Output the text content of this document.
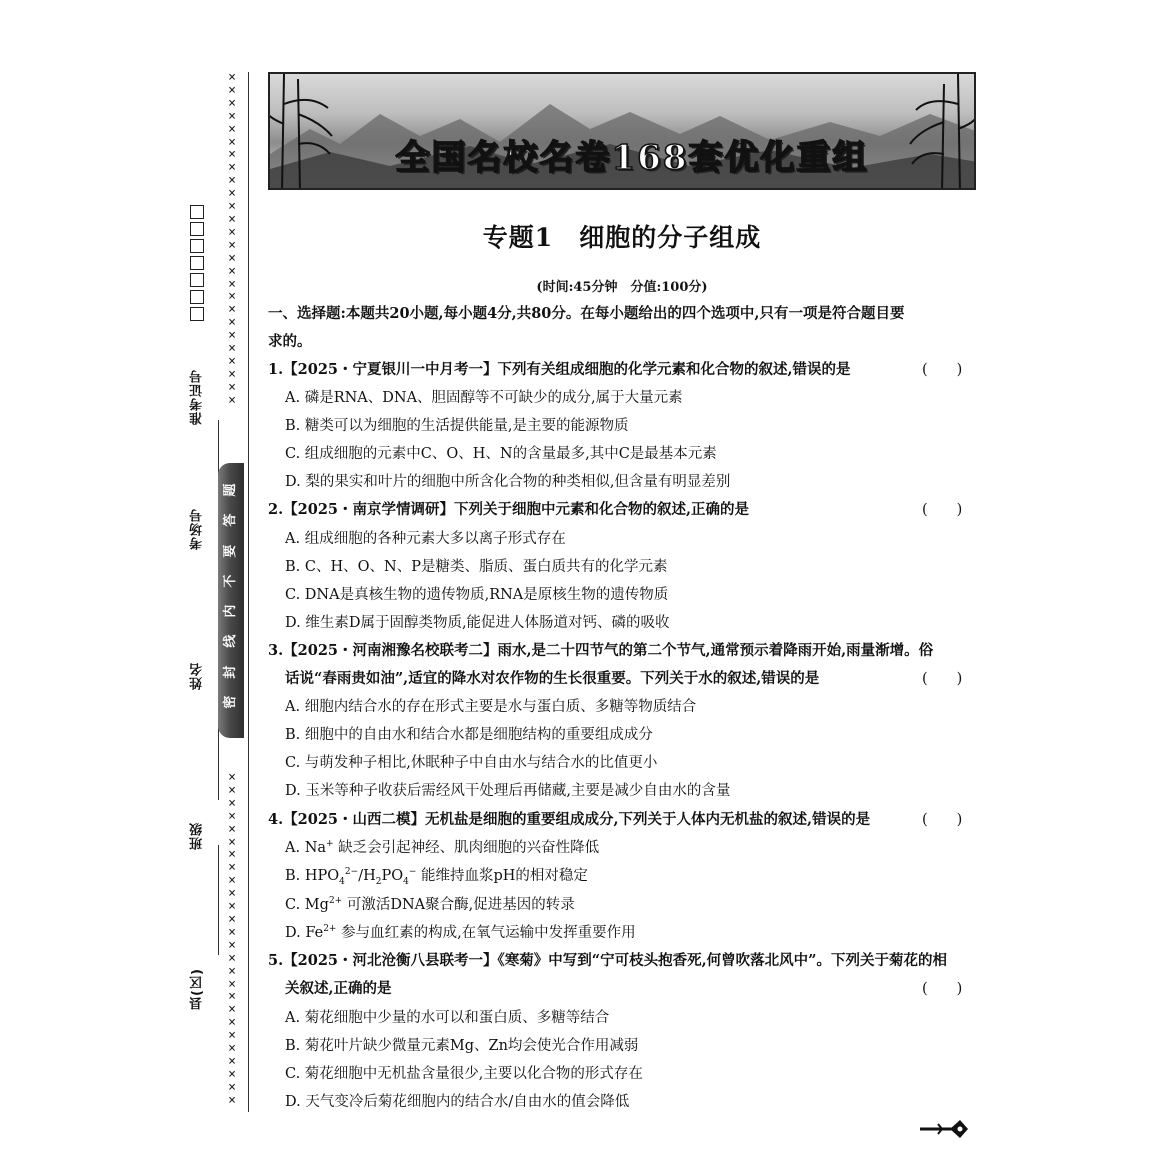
×
×
×
×
×
×
×
×
×
×
×
×
×
×
×
×
×
×
×
×
×
×
×
×
×
×
×
×
×
×
×
×
×
×
×
×
×
×
×
×
×
×
×
×
×
×
×
×
×
×
×
×
准考证号
考场号
姓名
班级
县(区)
题
答
要
不
内
线
封
密
全国名校名卷168套优化重组
专题1　细胞的分子组成
(时间:45分钟　分值:100分)
一、选择题:本题共20小题,每小题4分,共80分。在每小题给出的四个选项中,只有一项是符合题目要
求的。
1.【2025・宁夏银川一中月考一】下列有关组成细胞的化学元素和化合物的叙述,错误的是	(　　)
A. 磷是RNA、DNA、胆固醇等不可缺少的成分,属于大量元素
B. 糖类可以为细胞的生活提供能量,是主要的能源物质
C. 组成细胞的元素中C、O、H、N的含量最多,其中C是最基本元素
D. 梨的果实和叶片的细胞中所含化合物的种类相似,但含量有明显差别
2.【2025・南京学情调研】下列关于细胞中元素和化合物的叙述,正确的是	(　　)
A. 组成细胞的各种元素大多以离子形式存在
B. C、H、O、N、P是糖类、脂质、蛋白质共有的化学元素
C. DNA是真核生物的遗传物质,RNA是原核生物的遗传物质
D. 维生素D属于固醇类物质,能促进人体肠道对钙、磷的吸收
3.【2025・河南湘豫名校联考二】雨水,是二十四节气的第二个节气,通常预示着降雨开始,雨量渐增。俗
话说“春雨贵如油”,适宜的降水对农作物的生长很重要。下列关于水的叙述,错误的是	(　　)
A. 细胞内结合水的存在形式主要是水与蛋白质、多糖等物质结合
B. 细胞中的自由水和结合水都是细胞结构的重要组成成分
C. 与萌发种子相比,休眠种子中自由水与结合水的比值更小
D. 玉米等种子收获后需经风干处理后再储藏,主要是减少自由水的含量
4.【2025・山西二模】无机盐是细胞的重要组成成分,下列关于人体内无机盐的叙述,错误的是	(　　)
A. Na+ 缺乏会引起神经、肌肉细胞的兴奋性降低
B. $HPO_4^{2-}/H_2PO_4^-$ 能维持血浆pH的相对稳定
C. $Mg^{2+}$ 可激活DNA聚合酶,促进基因的转录
D. $Fe^{2+}$ 参与血红素的构成,在氧气运输中发挥重要作用
5.【2025・河北沧衡八县联考一】《寒菊》中写到“宁可枝头抱香死,何曾吹落北风中”。下列关于菊花的相
关叙述,正确的是	(　　)
A. 菊花细胞中少量的水可以和蛋白质、多糖等结合
B. 菊花叶片缺少微量元素Mg、Zn均会使光合作用减弱
C. 菊花细胞中无机盐含量很少,主要以化合物的形式存在
D. 天气变冷后菊花细胞内的结合水/自由水的值会降低
